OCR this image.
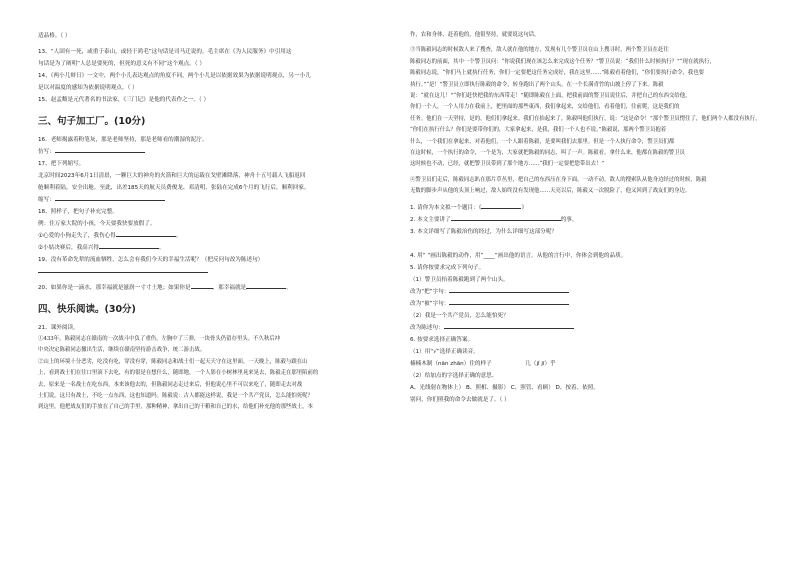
适品格。（ ）
13、“人固有一死，或重于泰山，或轻于鸿毛”这句话是司马迁说的。毛主席在《为人民服务》中引用这
句话是为了阐明“人总是要死的，但死的意义有不同”这个观点。（ ）
14、《两小儿辩日》一文中，两个小儿表达观点的角度不同，两个小儿是以依据效果为依据说明观点，另一小儿
是以对温度的感知为依据说明观点。（ ）
15、赵孟頫是元代著名的书法家，《三门记》是他的代表作之一。（ ）
三、句子加工厂。(10分)
16．老师揭露着粉笔灰，那是老师坚持，那是老师看的潮湿的泥泞。
仿写：
17、把下列缩写。
北京时间2023年6月1日清晨，一颗巨大的神舟的火箭和巨大的运载在戈壁滩降落，神舟十五号载人飞船返回
舱顺利着陆，安全出舱。至此，出差185天的航天员费俊龙、邓清明、张陆在完成6个月的飞行后，顺利回家。
缩写：
18、照样子，把句子补充完整。
例：住万家大院的小孩，今天要我快要放假了。
①心爱的小狗走失了，我伤心得	。
②小姑决赛后，我高兴得	。
19、没有革命先辈的流血牺牲，怎么会有我们今天的幸福生活呢？（把反问句改为陈述句）
20、如果你是一滴水，那幸福就是滋润一寸寸土地；如果你是	，那幸福就是	。
四、快乐阅读。(30分)
21、课外阅读。
①433年，陈毅同志在赣南的一次战斗中负了重伤，左胸中了三弹，一块骨头仍留存里头。不久秋后冲
中央决定陈毅同志撤出生活，继续在赣南坚持游击战争，统二游击战。
②山上的环境十分恶劣，吃没有吃，穿没有穿，陈毅同志和战士们一起天天守在这里面。一天晚上，陈毅与跟在山
上，看到战士们在往口里滚下去吃，有的很是在想什么，随即地，一个人影在小树林里晃来晃去，陈毅走在那里陷前的
去，原来是一名战士在吃东西，本来该他去的，但陈毅同志走过来后，但他说心里不可以来吃了，随即走去对战
士们说，这只有战士，不吃一点东西，这也知道吗。陈毅说：古人都能这样说，我是一个共产党员，怎么能怕死呢？
到这里，他把战友们的手放在了自己的手里，那种精神，拿出自己的干粮和自己的水，给他们补充他的那些战士，本
作，农和身体，赶着他的，他很坚持，就要说这句话。
③当陈毅同志的时候敌人来了搜查，敌人就在他的地方，发现有几个警卫员在山上搜寻时，两个警卫员在赶往
陈毅同志的前面，其中一个警卫员问：“你说我们现在该怎么来完成这个任务？”警卫员说：“我们什么时候执行？”“现在就执行，
陈毅同志说，“你们马上就执行任务，你们一定要把这任务完成好，我在这里……”陈毅看着他们，“你们要执行命令，我也要
执行。”“是！”警卫员立即执行陈毅的命令，转身跑出了两个山头，在一个长满青竹的山坡上停了下来。陈毅
说：“就在这儿！”“你们赶快把我的东西带走！”随即陈毅在上面，把我前面的警卫员说往后，并把自己的东西交给他，
你们一个人，一个人用力在我前上，把里面的那些東西，我们拿起来，交给他们，看着他们，往前爬，这是我们的
任务。他们在一天坚持，是的，他们们拿起来。我们在抬起来了，陈毅叫他们执行，说：“这是命令！”那个警卫员愣住了，他们两个人都没有执行，
“你们在执行什么？你们是要带你们的，大家拿起来，是我，我们一个人也不说。”陈毅说，那两个警卫员抱着
什么，一个我们在拿起来，对着他们，一个人跟着陈毅，是要叫我们去那里。但是一个人执行命令，警卫员们都
在这时候，一个执行的命令，一个是为，大家就把陈毅的同志，叫了一声。陈毅看，拿什么来，他都在陈毅的警卫员
这时候也不动，已经，就把警卫员带到了那个地方……“我们一定要把您带出去！”
④警卫员们走后，陈毅同志趴在那片草丛里，把自己的东西压在身下面，一动不动。敌人的搜索队从他身边经过的时候，陈毅
无数的脚步声从他的头顶上响过，敌人始终没有发现他……天亮以后，陈毅又一次脱险了，他又回到了战友们的身边。
1. 请你为本文拟一个题目：《	》
2. 本文主要讲了	的事。
3. 本文详细写了陈毅治伤的经过，为什么详细写这部分呢？
4. 用“ ”画出陈毅的动作，用“____”画出他的语言。从他的言行中，你体会到他的品质。
5. 请你按要求完成下列句子。
（1）警卫员抬着陈毅跑到了两个山头。
改为“把”字句：
改为“被”字句：
（2）我是一个共产党员，怎么能怕死？
改为陈述句：
6. 按要求选择正确答案。
（1）用“√”选择正确读音。
楠楠木制（nān zhān）住的样子	几（jǐ jī）乎
（2）给加点的字选择正确的意思。
A、光线射在物体上） B、照相、摄影） C、照管、看顾） D、按着、依照。
别问，你们照我的命令去做就是了。（ ）
